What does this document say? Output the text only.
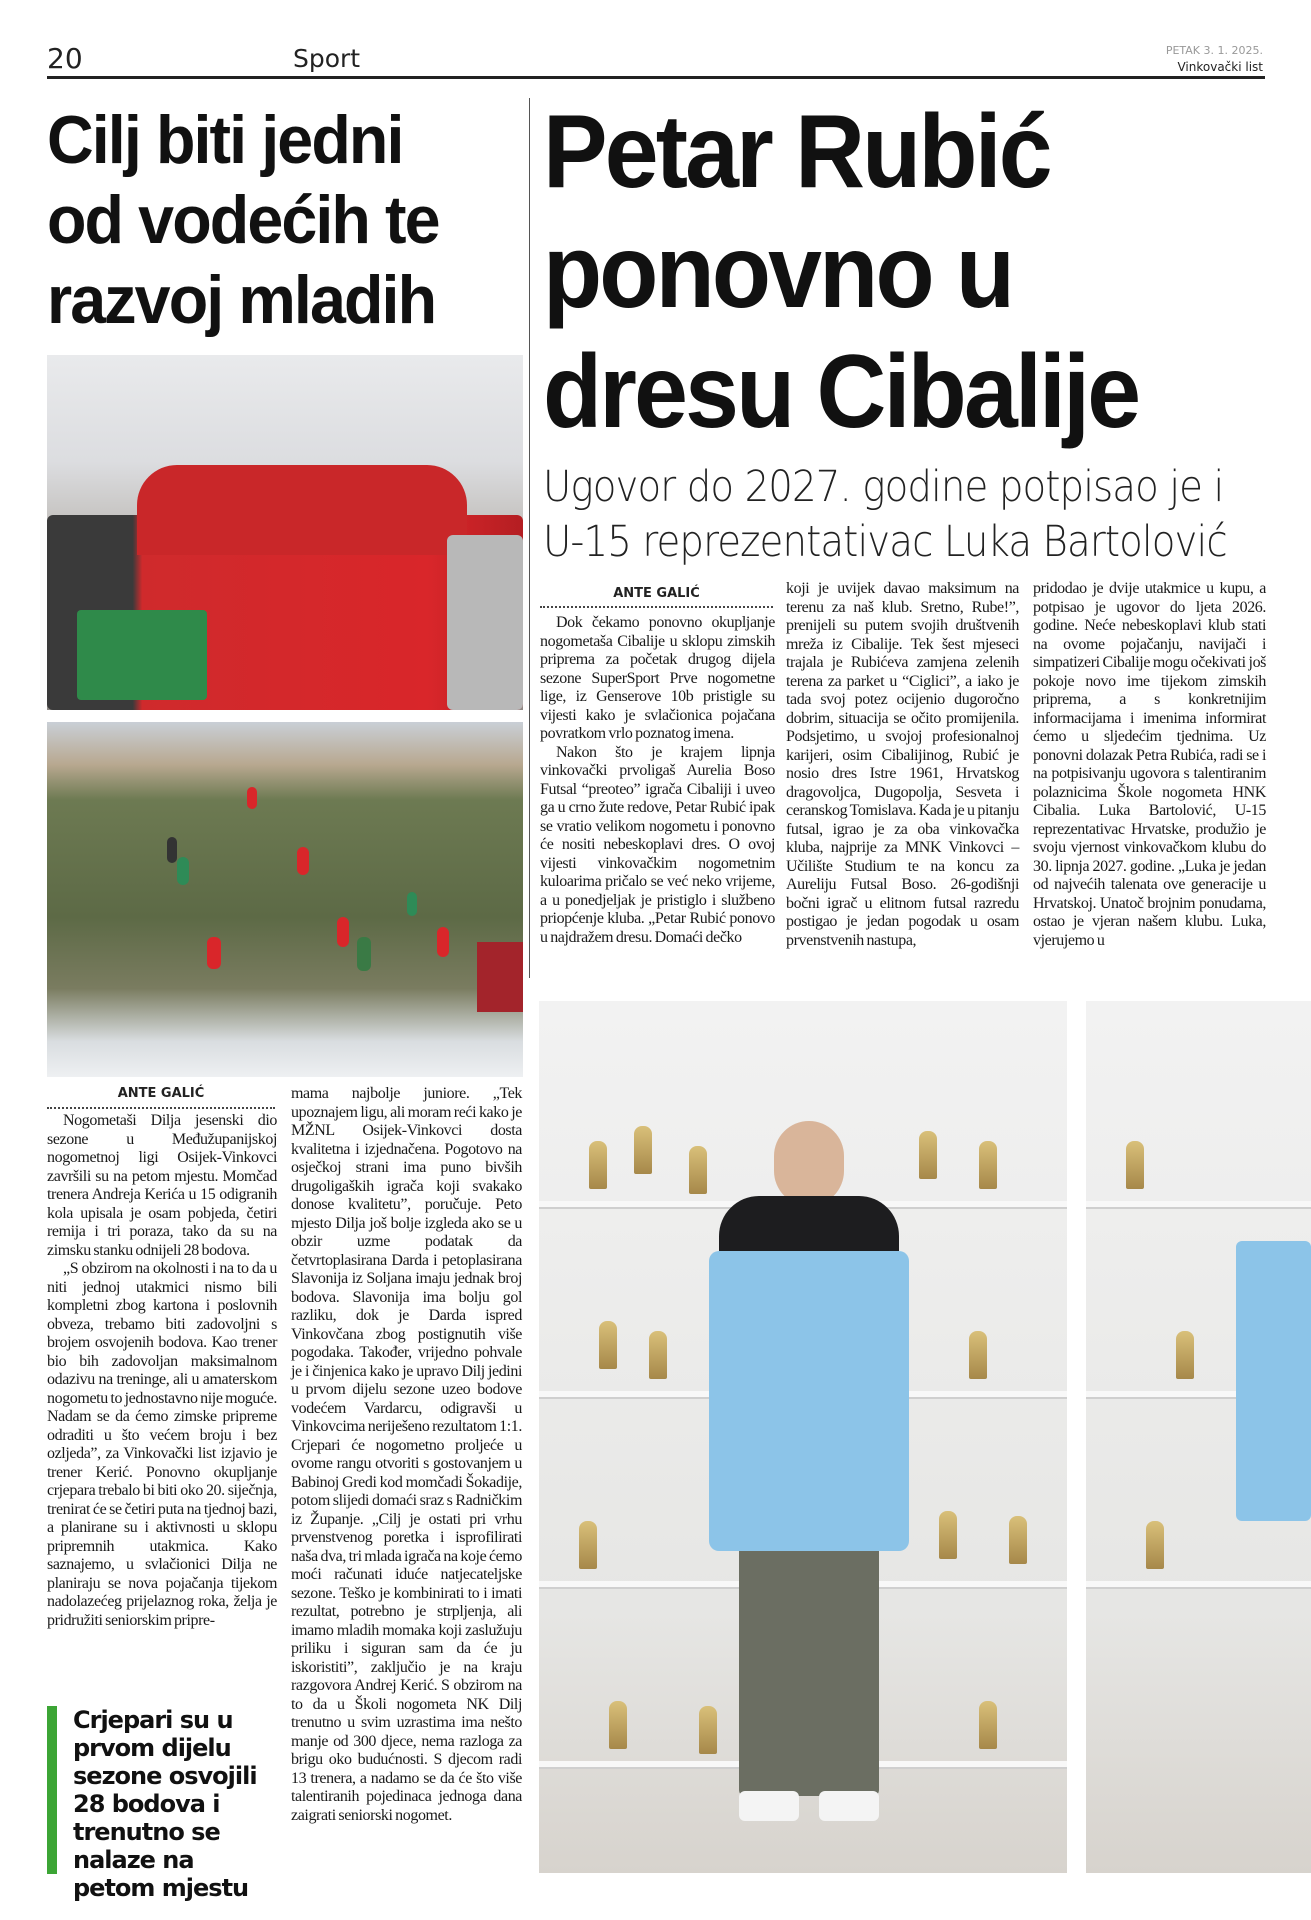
20	Sport	PETAK 3. 1. 2025.
Vinkovački list
Cilj biti jedni
od vodećih te
razvoj mladih
ANTE GALIĆ

Nogometaši Dilja jesenski dio sezone u Međužupanijskoj nogometnoj ligi Osijek-Vinkovci završili su na petom mjestu. Momčad trenera Andreja Kerića u 15 odigranih kola upisala je osam pobjeda, četiri remija i tri poraza, tako da su na zimsku stanku odnijeli 28 bodova.

„S obzirom na okolnosti i na to da u niti jednoj utakmici nismo bili kompletni zbog kartona i poslovnih obveza, trebamo biti zadovoljni s brojem osvojenih bodova. Kao trener bio bih zadovoljan maksimalnom odazivu na treninge, ali u amaterskom nogometu to jednostavno nije moguće. Nadam se da ćemo zimske pripreme odraditi u što većem broju i bez ozljeda”, za Vinkovački list izjavio je trener Kerić. Ponovno okupljanje crjepara trebalo bi biti oko 20. siječnja, trenirat će se četiri puta na tjednoj bazi, a planirane su i aktivnosti u sklopu pripremnih utakmica. Kako saznajemo, u svlačionici Dilja ne planiraju se nova pojačanja tijekom nadolazećeg prijelaznog roka, želja je pridružiti seniorskim pripre-

mama najbolje juniore. „Tek upoznajem ligu, ali moram reći kako je MŽNL Osijek-Vinkovci dosta kvalitetna i izjednačena. Pogotovo na osječkoj strani ima puno bivših drugoligaških igrača koji svakako donose kvalitetu”, poručuje. Peto mjesto Dilja još bolje izgleda ako se u obzir uzme podatak da četvrtoplasirana Darda i petoplasirana Slavonija iz Soljana imaju jednak broj bodova. Slavonija ima bolju gol razliku, dok je Darda ispred Vinkovčana zbog postignutih više pogodaka. Također, vrijedno pohvale je i činjenica kako je upravo Dilj jedini u prvom dijelu sezone uzeo bodove vodećem Vardarcu, odigravši u Vinkovcima neriješeno rezultatom 1:1. Crjepari će nogometno proljeće u ovome rangu otvoriti s gostovanjem u Babinoj Gredi kod momčadi Šokadije, potom slijedi domaći sraz s Radničkim iz Županje. „Cilj je ostati pri vrhu prvenstvenog poretka i isprofilirati naša dva, tri mlada igrača na koje ćemo moći računati iduće natjecateljske sezone. Teško je kombinirati to i imati rezultat, potrebno je strpljenja, ali imamo mladih momaka koji zaslužuju priliku i siguran sam da će ju iskoristiti”, zaključio je na kraju razgovora Andrej Kerić. S obzirom na to da u Školi nogometa NK Dilj trenutno u svim uzrastima ima nešto manje od 300 djece, nema razloga za brigu oko budućnosti. S djecom radi 13 trenera, a nadamo se da će što više talentiranih pojedinaca jednoga dana zaigrati seniorski nogomet.

Crjepari su u prvom dijelu sezone osvojili 28 bodova i trenutno se nalaze na petom mjestu
Petar Rubić
ponovno u
dresu Cibalije
Ugovor do 2027. godine potpisao je i U-15 reprezentativac Luka Bartolović
ANTE GALIĆ

Dok čekamo ponovno okupljanje nogometaša Cibalije u sklopu zimskih priprema za početak drugog dijela sezone SuperSport Prve nogometne lige, iz Genserove 10b pristigle su vijesti kako je svlačionica pojačana povratkom vrlo poznatog imena.

Nakon što je krajem lipnja vinkovački prvoligaš Aurelia Boso Futsal “preoteo” igrača Cibaliji i uveo ga u crno žute redove, Petar Rubić ipak se vratio velikom nogometu i ponovno će nositi nebeskoplavi dres. O ovoj vijesti vinkovačkim nogometnim kuloarima pričalo se već neko vrijeme, a u ponedjeljak je pristiglo i službeno priopćenje kluba. „Petar Rubić ponovo u najdražem dresu. Domaći dečko

koji je uvijek davao maksimum na terenu za naš klub. Sretno, Rube!”, prenijeli su putem svojih društvenih mreža iz Cibalije. Tek šest mjeseci trajala je Rubićeva zamjena zelenih terena za parket u “Ciglici”, a iako je tada svoj potez ocijenio dugoročno dobrim, situacija se očito promijenila. Podsjetimo, u svojoj profesionalnoj karijeri, osim Cibalijinog, Rubić je nosio dres Istre 1961, Hrvatskog dragovoljca, Dugopolja, Sesveta i ceranskog Tomislava. Kada je u pitanju futsal, igrao je za oba vinkovačka kluba, najprije za MNK Vinkovci – Učilište Studium te na koncu za Aureliju Futsal Boso. 26-godišnji bočni igrač u elitnom futsal razredu postigao je jedan pogodak u osam prvenstvenih nastupa,

pridodao je dvije utakmice u kupu, a potpisao je ugovor do ljeta 2026. godine. Neće nebeskoplavi klub stati na ovome pojačanju, navijači i simpatizeri Cibalije mogu očekivati još pokoje novo ime tijekom zimskih priprema, a s konkretnijim informacijama i imenima informirat ćemo u sljedećim tjednima. Uz ponovni dolazak Petra Rubića, radi se i na potpisivanju ugovora s talentiranim polaznicima Škole nogometa HNK Cibalia. Luka Bartolović, U-15 reprezentativac Hrvatske, produžio je svoju vjernost vinkovačkom klubu do 30. lipnja 2027. godine. „Luka je jedan od najvećih talenata ove generacije u Hrvatskoj. Unatoč brojnim ponudama, ostao je vjeran našem klubu. Luka, vjerujemo u
